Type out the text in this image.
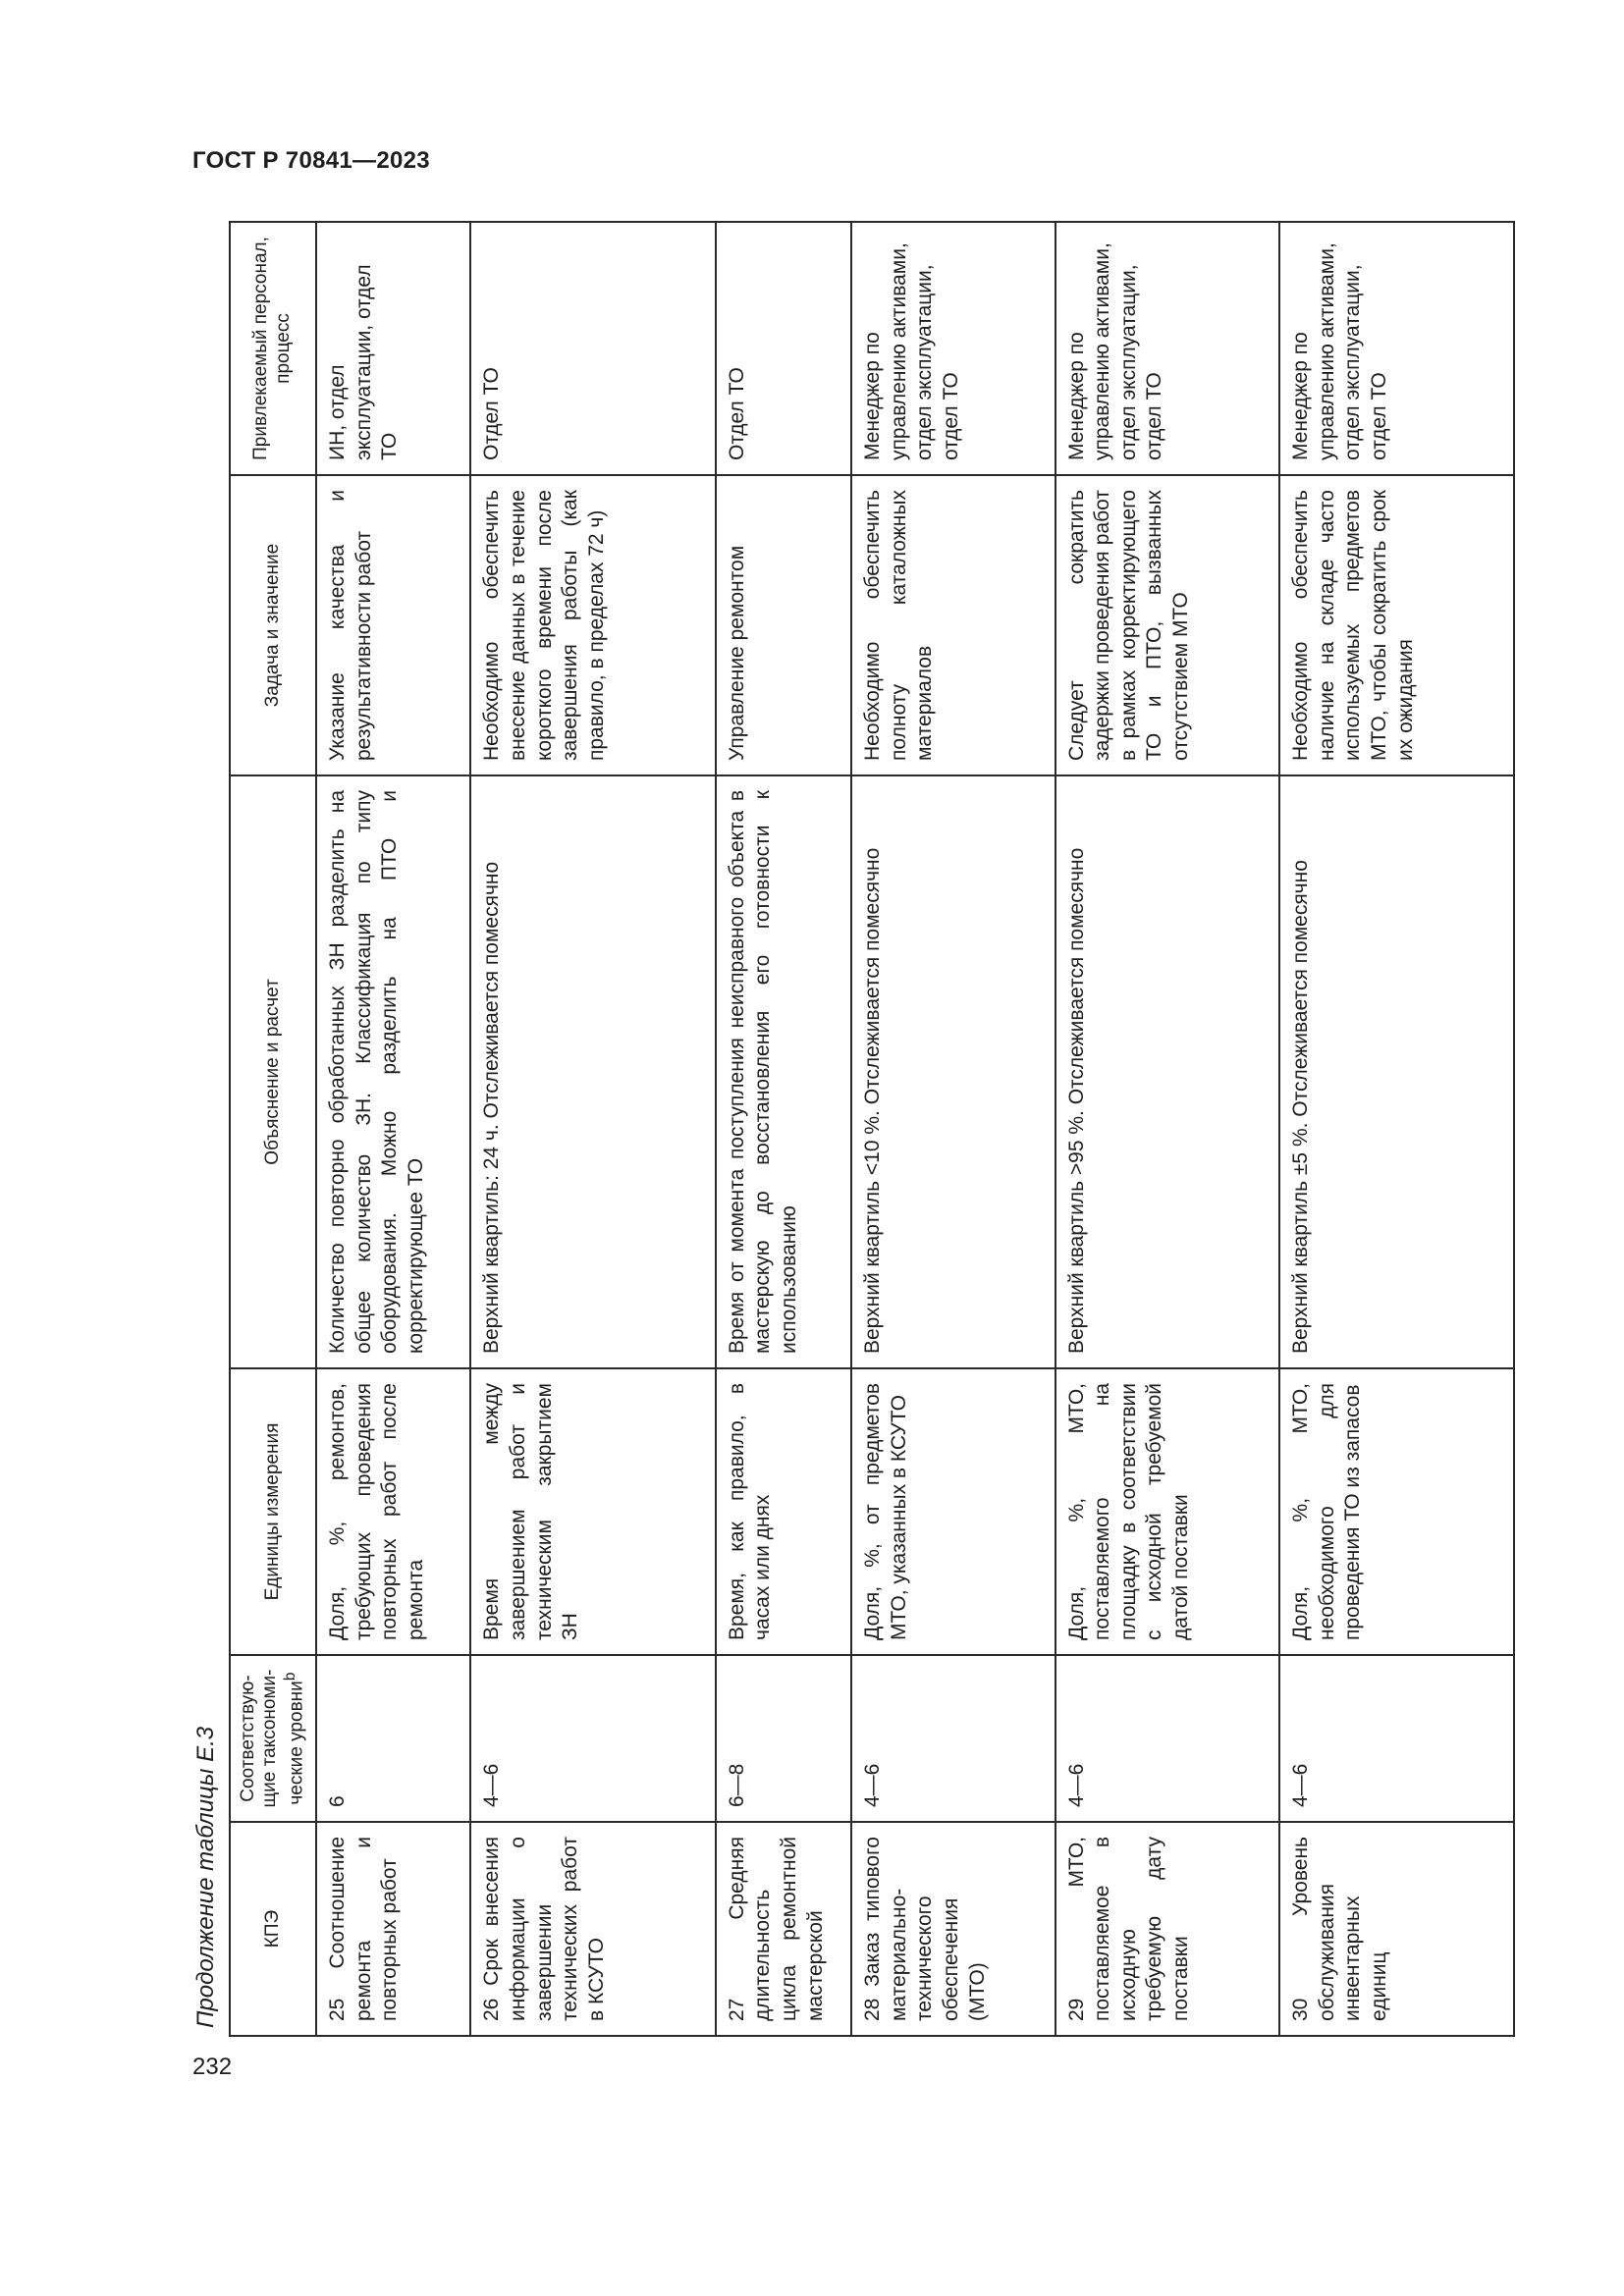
ГОСТ Р 70841—2023
Продолжение таблицы Е.3
232
КПЭ	Соответствую-щие таксономи-ческие уровни$^b$	Единицы измерения	Объяснение и расчет	Задача и значение	Привлекаемый персонал, процесс
25 Соотношение ремонта и повторных работ	6	Доля, %, ремонтов, требующих проведения повторных работ после ремонта	Количество повторно обработанных ЗН разделить на общее количество ЗН. Классификация по типу оборудования. Можно разделить на ПТО и корректирующее ТО	Указание качества и результативности работ	ИН, отдел эксплуатации, отдел ТО
26 Срок внесения информации о завершении технических работ в КСУТО	4—6	Время между завершением работ и техническим закрытием ЗН	Верхний квартиль: 24 ч. Отслеживается помесячно	Необходимо обеспечить внесение данных в течение короткого времени после завершения работы (как правило, в пределах 72 ч)	Отдел ТО
27 Средняя длительность цикла ремонтной мастерской	6—8	Время, как правило, в часах или днях	Время от момента поступления неисправного объекта в мастерскую до восстановления его готовности к использованию	Управление ремонтом	Отдел ТО
28 Заказ типового материально-технического обеспечения (МТО)	4—6	Доля, %, от предметов МТО, указанных в КСУТО	Верхний квартиль <10 %. Отслеживается помесячно	Необходимо обеспечить полноту каталожных материалов	Менеджер по управлению активами, отдел эксплуатации, отдел ТО
29 МТО, поставляемое в исходную требуемую дату поставки	4—6	Доля, %, МТО, поставляемого на площадку в соответствии с исходной требуемой датой поставки	Верхний квартиль >95 %. Отслеживается помесячно	Следует сократить задержки проведения работ в рамках корректирующего ТО и ПТО, вызванных отсутствием МТО	Менеджер по управлению активами, отдел эксплуатации, отдел ТО
30 Уровень обслуживания инвентарных единиц	4—6	Доля, %, МТО, необходимого для проведения ТО из запасов	Верхний квартиль ±5 %. Отслеживается помесячно	Необходимо обеспечить наличие на складе часто используемых предметов МТО, чтобы сократить срок их ожидания	Менеджер по управлению активами, отдел эксплуатации, отдел ТО
